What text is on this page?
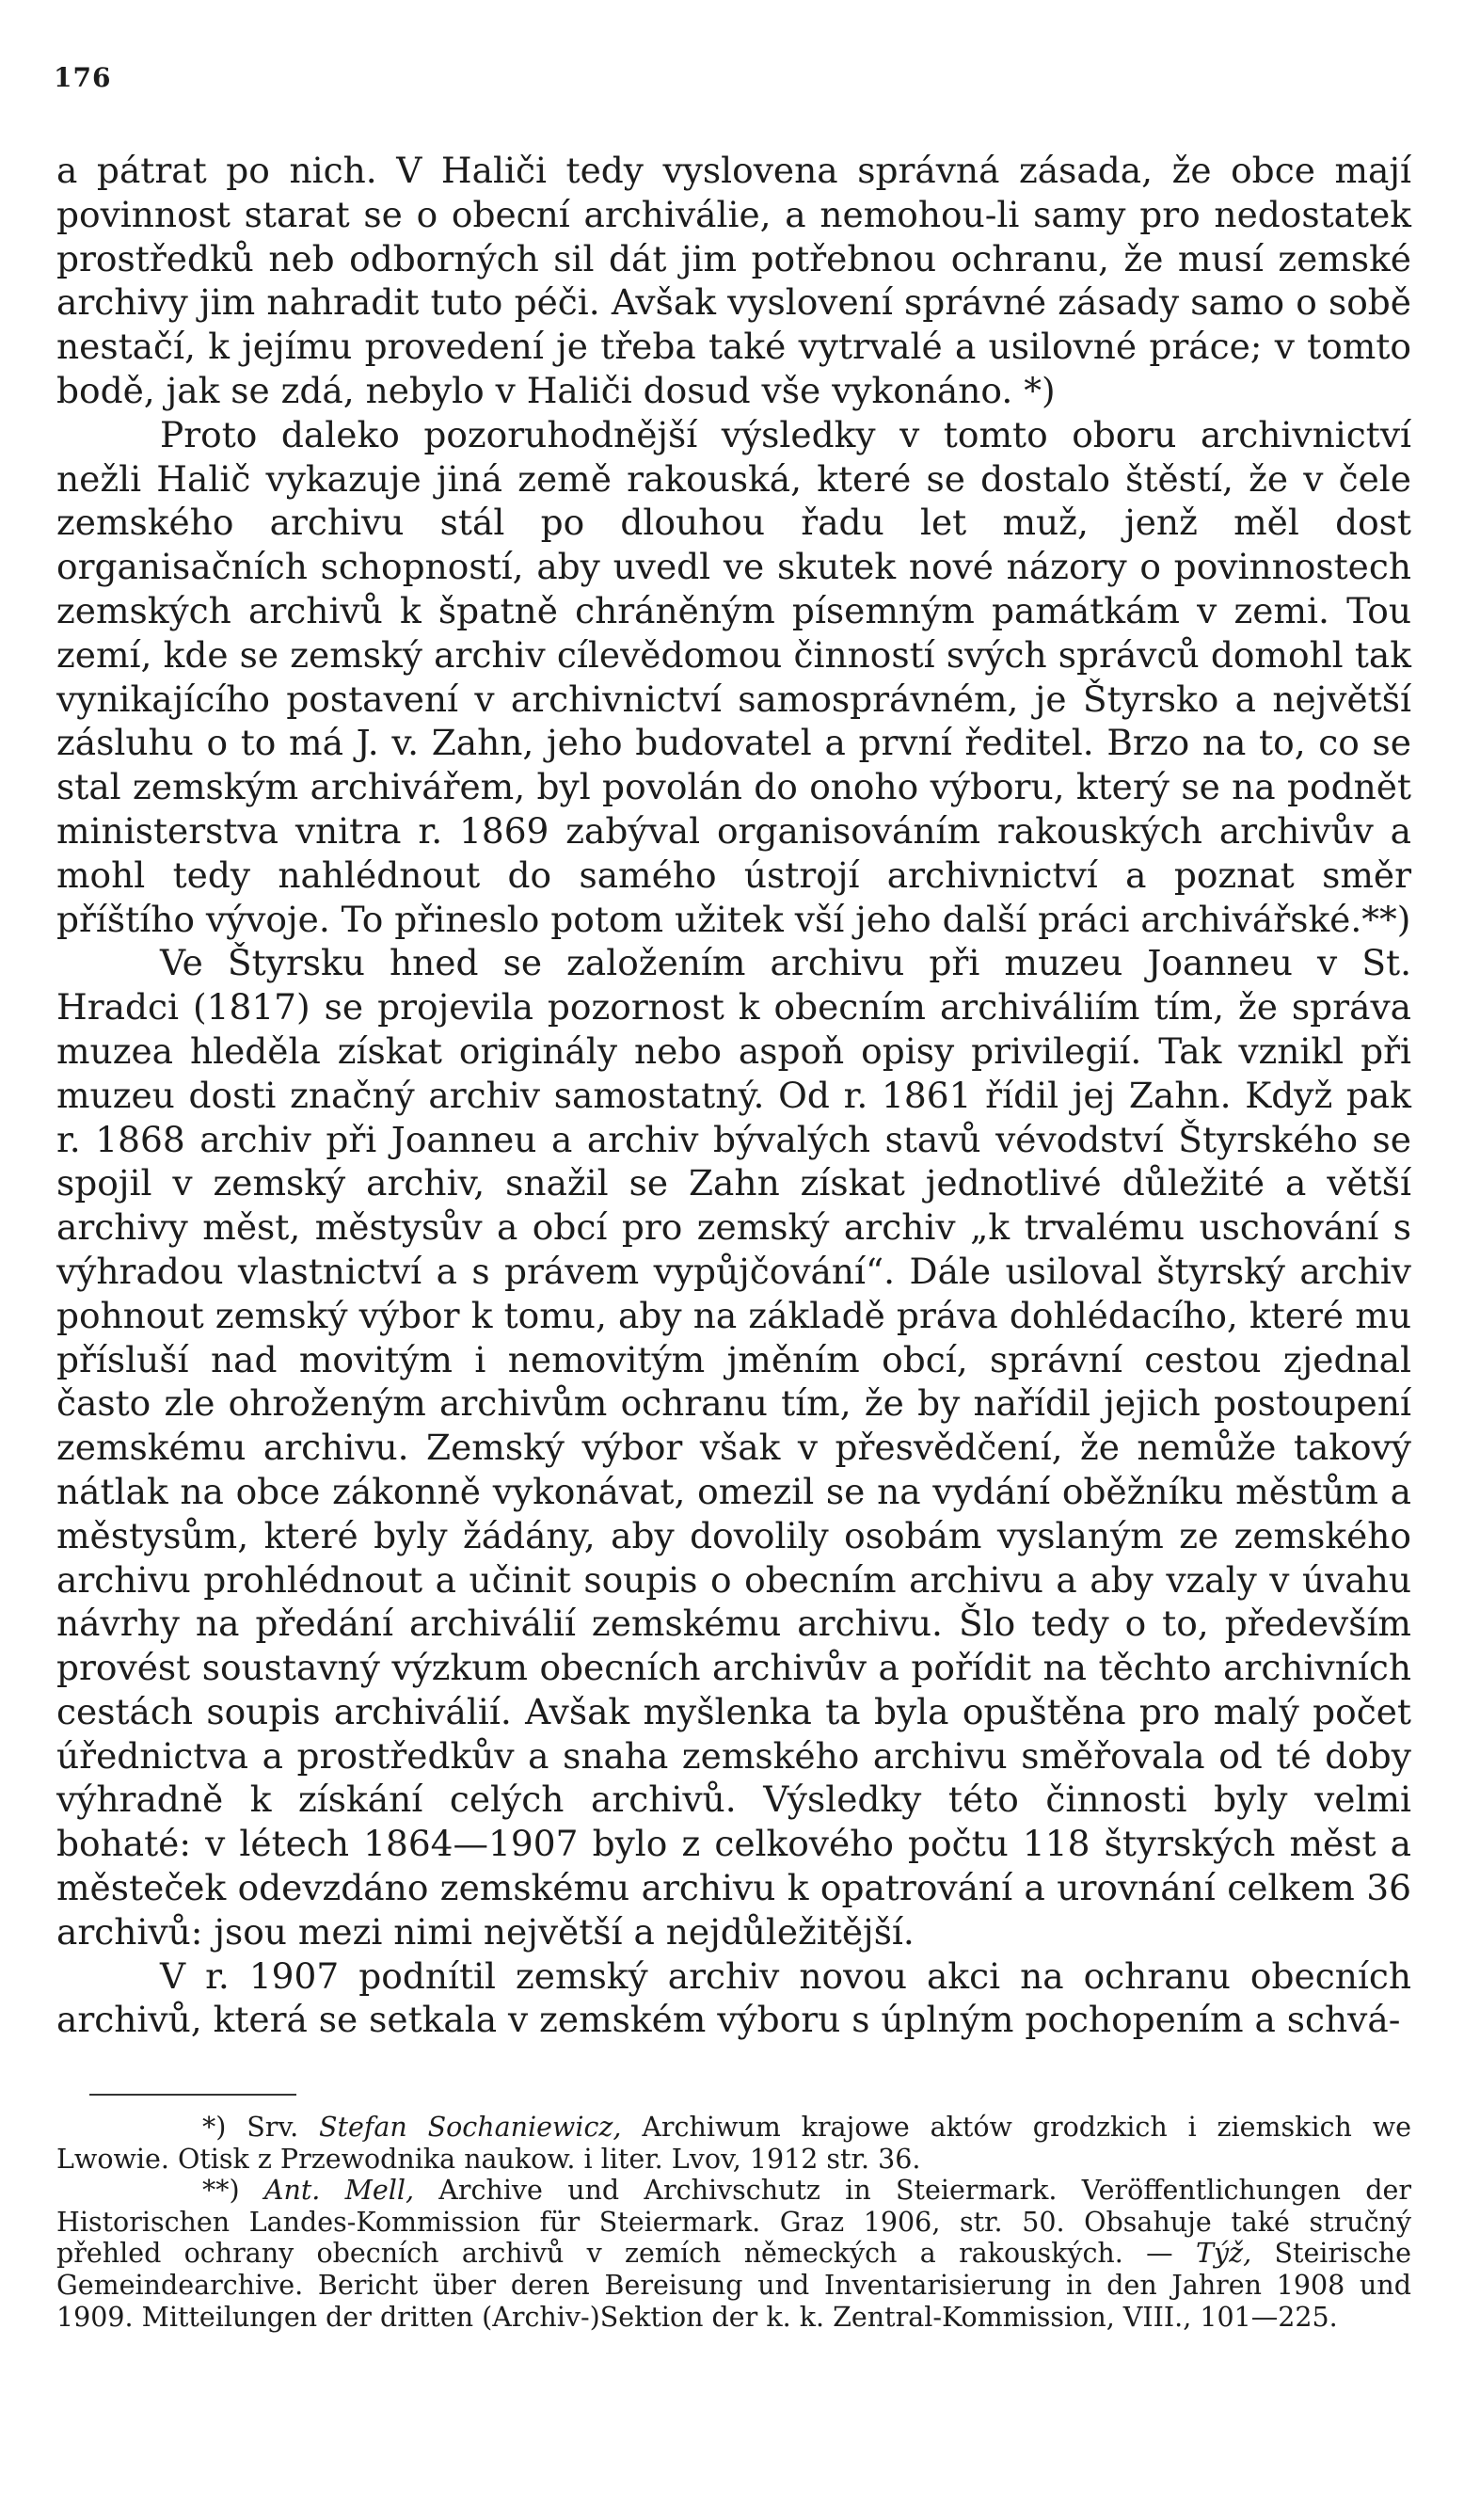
176

a pátrat po nich. V Haliči tedy vyslovena správná zásada, že obce mají povinnost starat se o obecní archiválie, a nemohou-li samy pro nedostatek prostředků neb odborných sil dát jim potřebnou ochranu, že musí zemské archivy jim nahradit tuto péči. Avšak vyslovení správné zásady samo o sobě nestačí, k jejímu provedení je třeba také vytrvalé a usilovné práce; v tomto bodě, jak se zdá, nebylo v Haliči dosud vše vykonáno. *)

Proto daleko pozoruhodnější výsledky v tomto oboru archivnictví nežli Halič vykazuje jiná země rakouská, které se dostalo štěstí, že v čele zemského archivu stál po dlouhou řadu let muž, jenž měl dost organisačních schopností, aby uvedl ve skutek nové názory o povinnostech zemských archivů k špatně chráněným písemným památkám v zemi. Tou zemí, kde se zemský archiv cílevědomou činností svých správců domohl tak vynikajícího postavení v archivnictví samosprávném, je Štyrsko a největší zásluhu o to má J. v. Zahn, jeho budovatel a první ředitel. Brzo na to, co se stal zemským archivářem, byl povolán do onoho výboru, který se na podnět ministerstva vnitra r. 1869 zabýval organisováním rakouských archivův a mohl tedy nahlédnout do samého ústrojí archivnictví a poznat směr příštího vývoje. To přineslo potom užitek vší jeho další práci archivářské.**)

Ve Štyrsku hned se založením archivu při muzeu Joanneu v St. Hradci (1817) se projevila pozornost k obecním archiváliím tím, že správa muzea hleděla získat originály nebo aspoň opisy privilegií. Tak vznikl při muzeu dosti značný archiv samostatný. Od r. 1861 řídil jej Zahn. Když pak r. 1868 archiv při Joanneu a archiv bývalých stavů vévodství Štyrského se spojil v zemský archiv, snažil se Zahn získat jednotlivé důležité a větší archivy měst, městysův a obcí pro zemský archiv „k trvalému uschování s výhradou vlastnictví a s právem vypůjčování“. Dále usiloval štyrský archiv pohnout zemský výbor k tomu, aby na základě práva dohlédacího, které mu přísluší nad movitým i nemovitým jměním obcí, správní cestou zjednal často zle ohroženým archivům ochranu tím, že by nařídil jejich postoupení zemskému archivu. Zemský výbor však v přesvědčení, že nemůže takový nátlak na obce zákonně vykonávat, omezil se na vydání oběžníku městům a městysům, které byly žádány, aby dovolily osobám vyslaným ze zemského archivu prohlédnout a učinit soupis o obecním archivu a aby vzaly v úvahu návrhy na předání archiválií zemskému archivu. Šlo tedy o to, především provést soustavný výzkum obecních archivův a pořídit na těchto archivních cestách soupis archiválií. Avšak myšlenka ta byla opuštěna pro malý počet úřednictva a prostředkův a snaha zemského archivu směřovala od té doby výhradně k získání celých archivů. Výsledky této činnosti byly velmi bohaté: v létech 1864—1907 bylo z celkového počtu 118 štyrských měst a městeček odevzdáno zemskému archivu k opatrování a urovnání celkem 36 archivů: jsou mezi nimi největší a nejdůležitější.

V r. 1907 podnítil zemský archiv novou akci na ochranu obecních archivů, která se setkala v zemském výboru s úplným pochopením a schvá-

*) Srv. Stefan Sochaniewicz, Archiwum krajowe aktów grodzkich i ziemskich we Lwowie. Otisk z Przewodnika naukow. i liter. Lvov, 1912 str. 36.

**) Ant. Mell, Archive und Archivschutz in Steiermark. Veröffentlichungen der Historischen Landes-Kommission für Steiermark. Graz 1906, str. 50. Obsahuje také stručný přehled ochrany obecních archivů v zemích německých a rakouských. — Týž, Steirische Gemeindearchive. Bericht über deren Bereisung und Inventarisierung in den Jahren 1908 und 1909. Mitteilungen der dritten (Archiv-)Sektion der k. k. Zentral-Kommission, VIII., 101—225.
